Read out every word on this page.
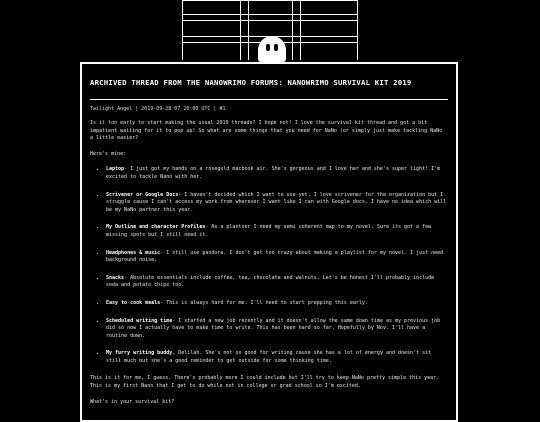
ARCHIVED THREAD FROM THE NANOWRIMO FORUMS: NANOWRIMO SURVIVAL KIT 2019
Twilight_Angel | 2019-09-28 07 20:00 UTC | #1

Is it too early to start making the usual 2019 threads? I hope not! I love the survival kit thread and got a bit impatient waiting for it to pop up! So what are some things that you need for NaNo (or simply just make tackling NaNo a little easier?

Here's mine:

• Laptop- I just got my hands on a rosegold macbook air. She's gorgeous and I love her and she's super light! I'm excited to tackle Nano with her.
• Scrivener or Google Docs- I haven't decided which I want to use yet. I love scrivener for the organization but I struggle cause I can't access my work from wherever I want like I can with Google docs. I have no idea which will be my NaNo partner this year.
• My Outline and character Profiles- As a plantser I need my semi coherent map to my novel. Sure its got a few missing spots but I still need it.
• Headphones & music- I still use pandora. I don't get too crazy about making a playlist for my novel. I just need background noise.
• Snacks- Absolute essentials include coffee, tea, chocolate and walnuts. Let's be honest I'll probably include soda and potato chips too.
• Easy to cook meals- This is always hard for me. I'll need to start prepping this early.
• Scheduled writing time- I started a new job recently and it doesn't allow the same down time as my previous job did so now I actually have to make time to write. This has been hard so far. Hopefully by Nov. I'll have a routine down.
• My furry writing buddy, Delilah. She's not so good for writing cause she has a lot of energy and doesn't sit still much but she's a good reminder to get outside for some thinking time.

This is it for me, I guess. There's probably more I could include but I'll try to keep NaNo pretty simple this year. This is my first Nano that I get to do while not in college or grad school so I'm excited.

What's in your survival kit?
